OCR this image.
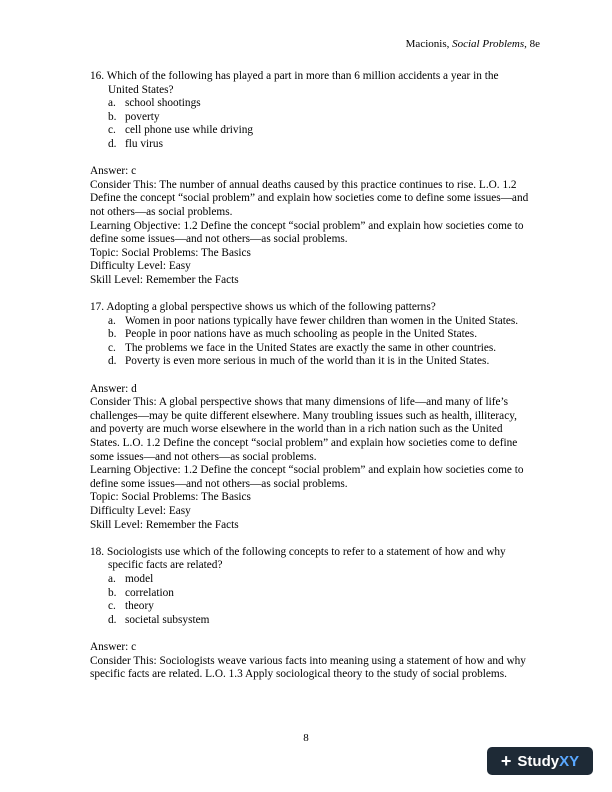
Macionis, Social Problems, 8e

16. Which of the following has played a part in more than 6 million accidents a year in the United States?

a. school shootings
b. poverty
c. cell phone use while driving
d. flu virus

Answer: c

Consider This: The number of annual deaths caused by this practice continues to rise. L.O. 1.2 Define the concept “social problem” and explain how societies come to define some issues—and not others—as social problems.

Learning Objective: 1.2 Define the concept “social problem” and explain how societies come to define some issues—and not others—as social problems.

Topic: Social Problems: The Basics

Difficulty Level: Easy

Skill Level: Remember the Facts

17. Adopting a global perspective shows us which of the following patterns?

a. Women in poor nations typically have fewer children than women in the United States.
b. People in poor nations have as much schooling as people in the United States.
c. The problems we face in the United States are exactly the same in other countries.
d. Poverty is even more serious in much of the world than it is in the United States.

Answer: d

Consider This: A global perspective shows that many dimensions of life—and many of life’s challenges—may be quite different elsewhere. Many troubling issues such as health, illiteracy, and poverty are much worse elsewhere in the world than in a rich nation such as the United States. L.O. 1.2 Define the concept “social problem” and explain how societies come to define some issues—and not others—as social problems.

Learning Objective: 1.2 Define the concept “social problem” and explain how societies come to define some issues—and not others—as social problems.

Topic: Social Problems: The Basics

Difficulty Level: Easy

Skill Level: Remember the Facts

18. Sociologists use which of the following concepts to refer to a statement of how and why specific facts are related?

a. model
b. correlation
c. theory
d. societal subsystem

Answer: c

Consider This: Sociologists weave various facts into meaning using a statement of how and why specific facts are related. L.O. 1.3 Apply sociological theory to the study of social problems.

8
+ StudyXY
